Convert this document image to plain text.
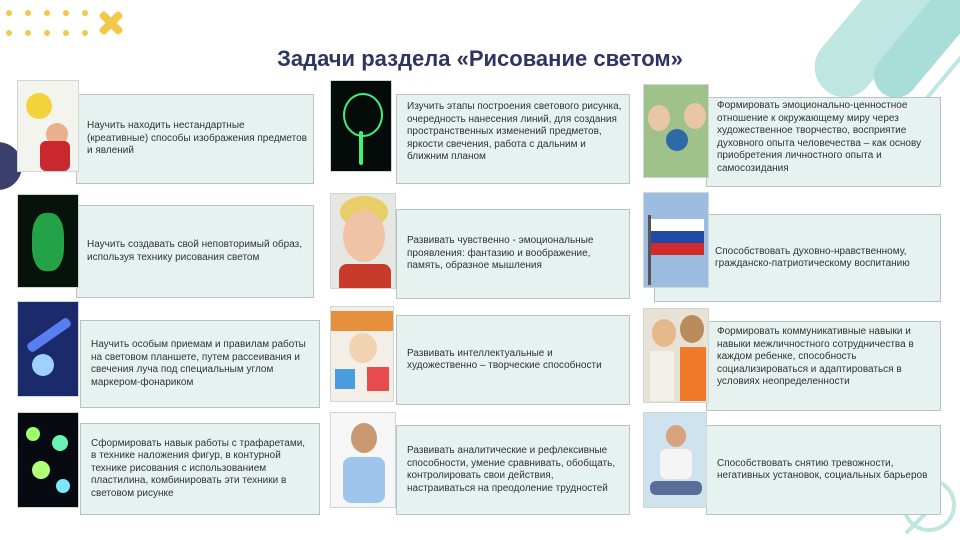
Задачи раздела «Рисование светом»
Научить находить нестандартные (креативные) способы изображения предметов и явлений
Изучить этапы построения светового рисунка, очередность нанесения линий, для создания пространственных изменений предметов, яркости свечения, работа с дальним и ближним планом
Формировать эмоционально-ценностное отношение к окружающему миру через художественное творчество, восприятие духовного опыта человечества – как основу приобретения личностного опыта и самосозидания
Научить создавать свой неповторимый образ, используя технику рисования светом
Развивать чувственно - эмоциональные проявления: фантазию и воображение, память, образное мышления
Способствовать духовно-нравственному, гражданско-патриотическому воспитанию
Научить особым приемам и правилам работы на световом планшете, путем рассеивания и свечения луча под специальным углом маркером-фонариком
Развивать интеллектуальные и художественно – творческие способности
Формировать коммуникативные навыки и навыки межличностного сотрудничества в каждом ребенке, способность социализироваться и адаптироваться в условиях неопределенности
Сформировать навык работы с трафаретами, в технике наложения фигур, в контурной технике рисования с использованием пластилина, комбинировать эти техники в световом рисунке
Развивать аналитические и рефлексивные способности, умение сравнивать, обобщать, контролировать свои действия, настраиваться на преодоление трудностей
Способствовать снятию тревожности, негативных установок, социальных барьеров
